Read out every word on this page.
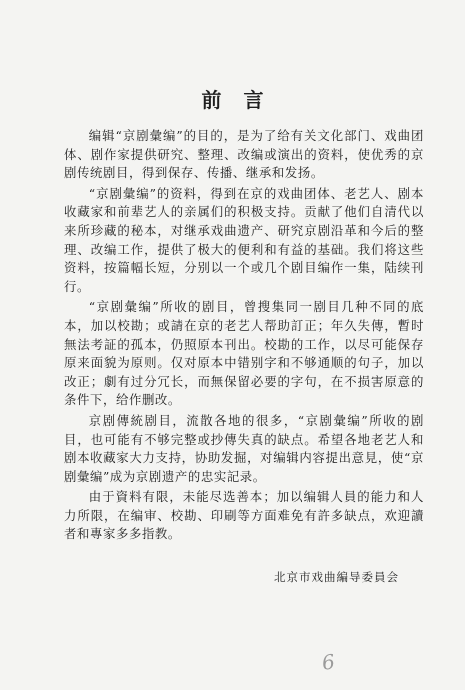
前言

编辑“京剧彙编”的目的，是为了给有关文化部门、戏曲团体、剧作家提供研究、整理、改编或演出的资料，使优秀的京剧传统剧目，得到保存、传播、继承和发扬。

“京剧彙编”的资料，得到在京的戏曲团体、老艺人、剧本收藏家和前辈艺人的亲属们的积极支持。贡献了他们自清代以来所珍藏的秘本，对继承戏曲遗产、研究京剧沿革和今后的整理、改编工作，提供了极大的便利和有益的基础。我们将这些资料，按篇幅长短，分别以一个或几个剧目编作一集，陆续刊行。

“京剧彙编”所收的剧目，曾搜集同一剧目几种不同的底本，加以校勘；或請在京的老艺人帮助訂正；年久失傳，暫时無法考証的孤本，仍照原本刊出。校勘的工作，以尽可能保存原来面貌为原则。仅对原本中错别字和不够通顺的句子，加以改正；劇有过分冗长，而無保留必要的字句，在不损害原意的条件下，给作删改。

京剧傳統剧目，流散各地的很多，“京剧彙编”所收的剧目，也可能有不够完整或抄傳失真的缺点。希望各地老艺人和剧本收藏家大力支持，协助发掘，对编辑内容提出意見，使“京剧彙编”成为京剧遗产的忠实記录。

由于資料有限，未能尽选善本；加以编辑人員的能力和人力所限，在编审、校勘、印刷等方面难免有許多缺点，欢迎讀者和專家多多指教。

北京市戏曲編导委員会
6
